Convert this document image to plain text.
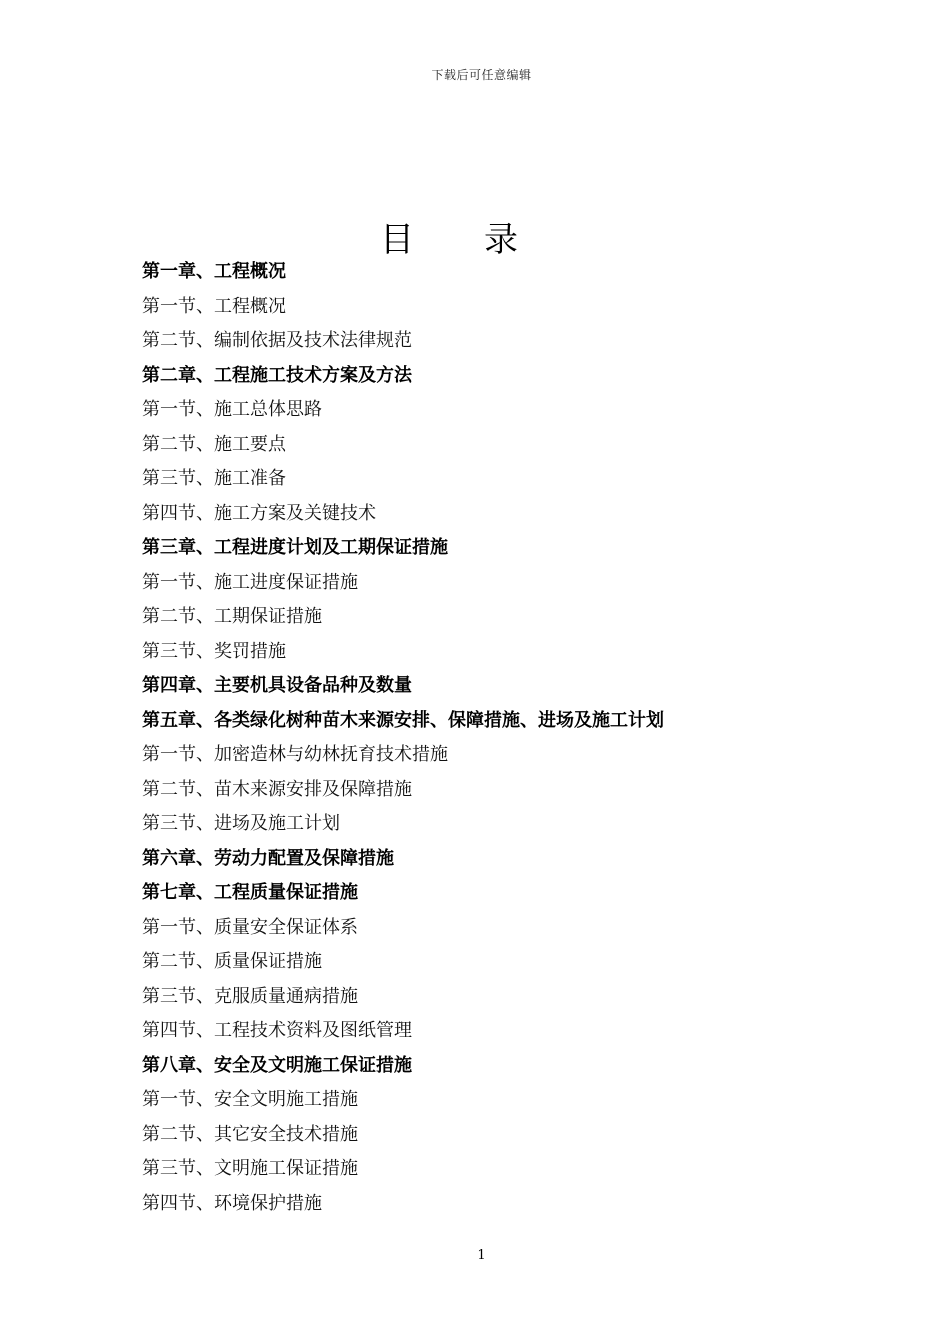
下载后可任意编辑
目录
第一章、工程概况
第一节、工程概况
第二节、编制依据及技术法律规范
第二章、工程施工技术方案及方法
第一节、施工总体思路
第二节、施工要点
第三节、施工准备
第四节、施工方案及关键技术
第三章、工程进度计划及工期保证措施
第一节、施工进度保证措施
第二节、工期保证措施
第三节、奖罚措施
第四章、主要机具设备品种及数量
第五章、各类绿化树种苗木来源安排、保障措施、进场及施工计划
第一节、加密造林与幼林抚育技术措施
第二节、苗木来源安排及保障措施
第三节、进场及施工计划
第六章、劳动力配置及保障措施
第七章、工程质量保证措施
第一节、质量安全保证体系
第二节、质量保证措施
第三节、克服质量通病措施
第四节、工程技术资料及图纸管理
第八章、安全及文明施工保证措施
第一节、安全文明施工措施
第二节、其它安全技术措施
第三节、文明施工保证措施
第四节、环境保护措施
1
